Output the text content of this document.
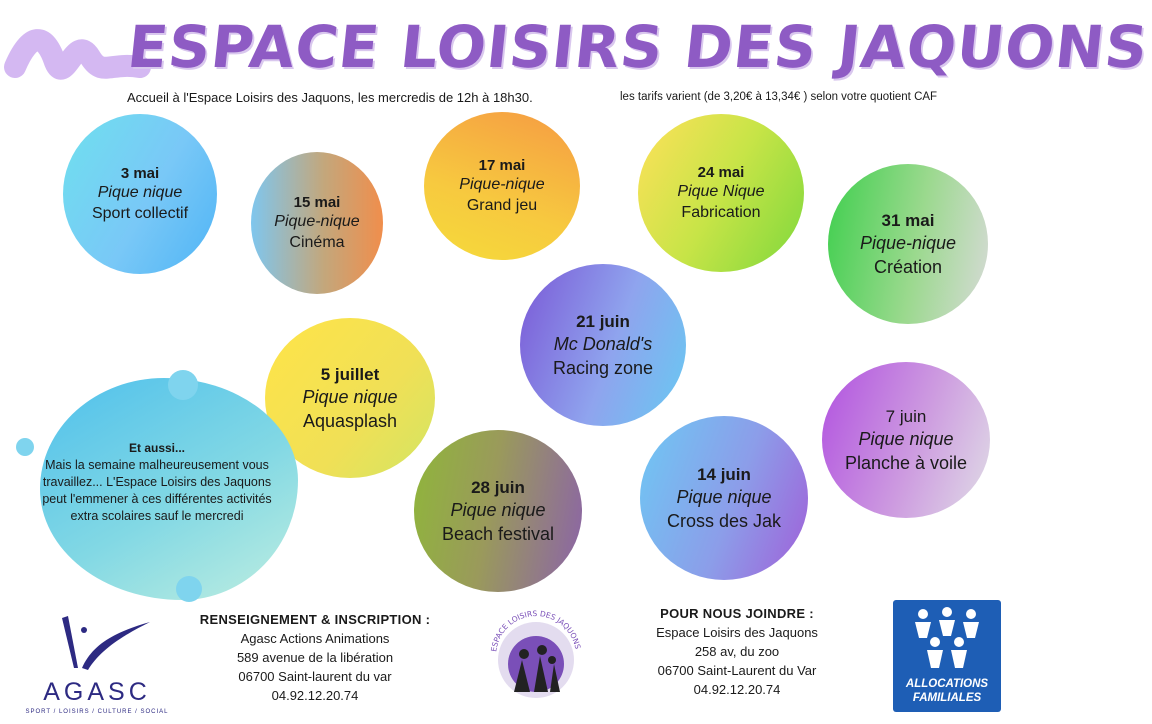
ESPACE LOISIRS DES JAQUONS
Accueil à l'Espace Loisirs des Jaquons, les mercredis de 12h à 18h30.	les tarifs varient (de 3,20€ à 13,34€ ) selon votre quotient CAF
3 mai
Pique nique
Sport collectif
15 mai
Pique-nique
Cinéma
17 mai
Pique-nique
Grand jeu
24 mai
Pique Nique
Fabrication	31 mai
Pique-nique
Création
21 juin
Mc Donald's
Racing zone
5 juillet
Pique nique
Aquasplash	7 juin
Pique nique
Planche à voile
28 juin
Pique nique
Beach festival
14 juin
Pique nique
Cross des Jak
Et aussi...
Mais la semaine malheureusement vous
travaillez... L'Espace Loisirs des Jaquons
peut l'emmener à ces différentes activités
extra scolaires sauf le mercredi
RENSEIGNEMENT & INSCRIPTION :
Agasc Actions Animations
589 avenue de la libération
06700 Saint-laurent du var
04.92.12.20.74
POUR NOUS JOINDRE :
Espace Loisirs des Jaquons
258 av, du zoo
06700 Saint-Laurent du Var
04.92.12.20.74
AGASC
SPORT / LOISIRS / CULTURE / SOCIAL
ESPACE LOISIRS DES JAQUONS
ALLOCATIONS
FAMILIALES
